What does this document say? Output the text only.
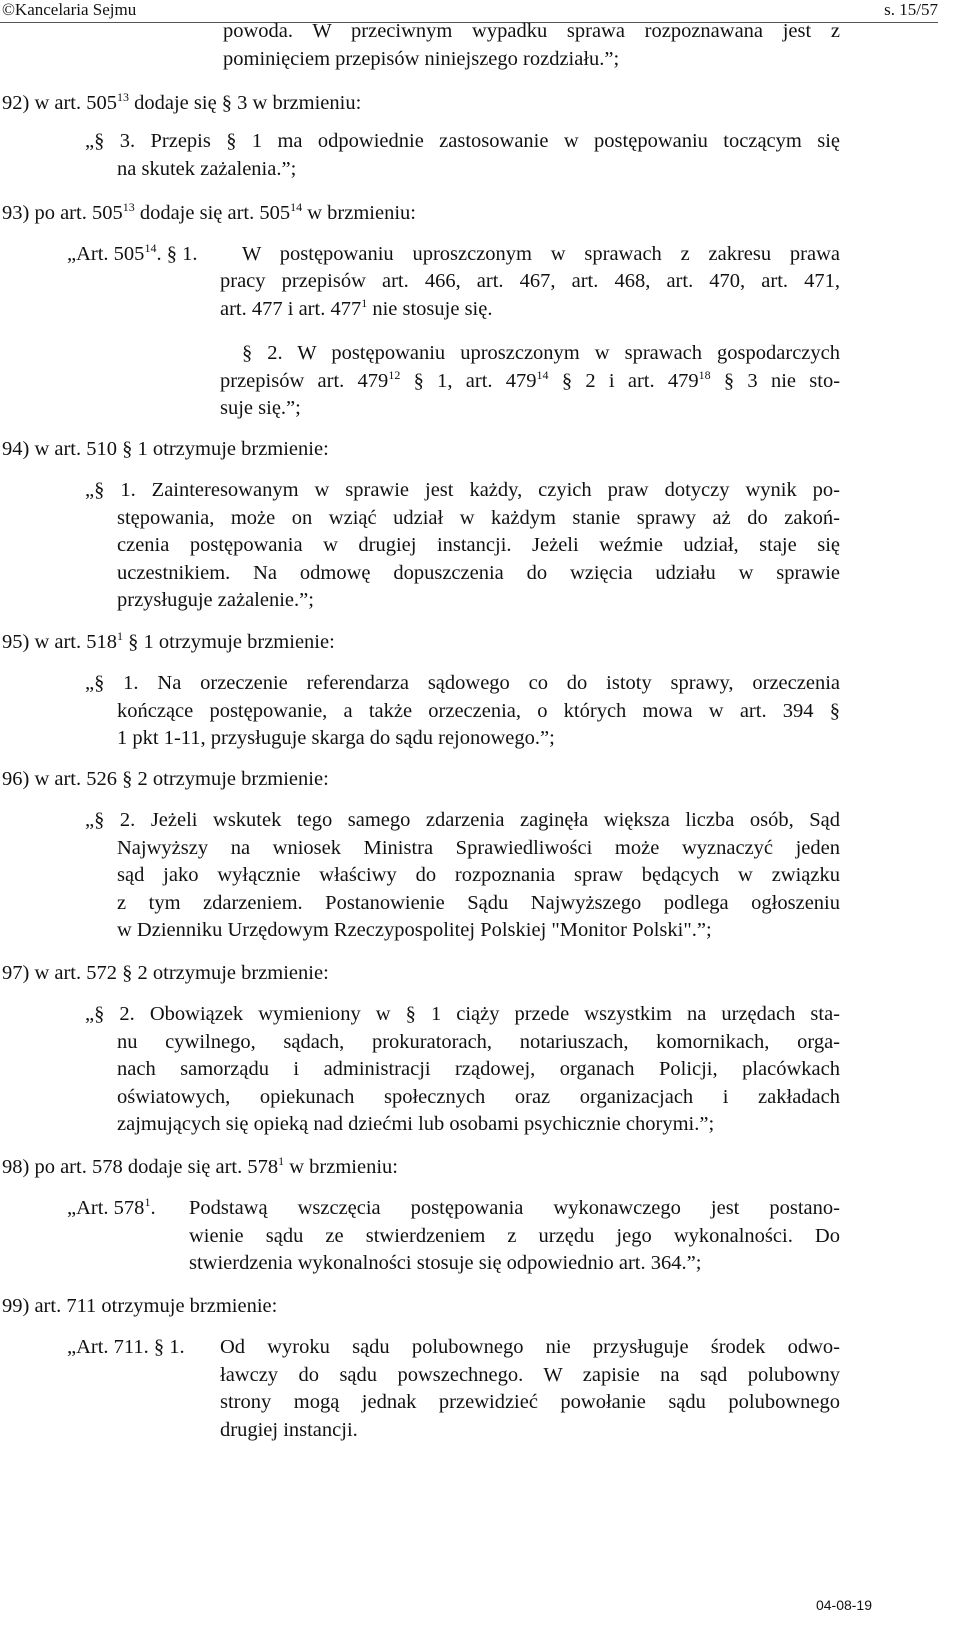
©Kancelaria Sejmu	s. 15/57
powoda. W przeciwnym wypadku sprawa rozpoznawana jest z
pominięciem przepisów niniejszego rozdziału.”;
92) w art. $505^{13}$ dodaje się § 3 w brzmieniu:
„§ 3. Przepis § 1 ma odpowiednie zastosowanie w postępowaniu toczącym się
na skutek zażalenia.”;
93) po art. $505^{13}$ dodaje się art. $505^{14}$ w brzmieniu:
„Art. $505^{14}$. § 1. W postępowaniu uproszczonym w sprawach z zakresu prawa
pracy przepisów art. 466, art. 467, art. 468, art. 470, art. 471,
art. 477 i art. $477^1$ nie stosuje się.
§ 2. W postępowaniu uproszczonym w sprawach gospodarczych
przepisów art. $479^{12}$ § 1, art. $479^{14}$ § 2 i art. $479^{18}$ § 3 nie sto-
suje się.”;
94) w art. 510 § 1 otrzymuje brzmienie:
„§ 1. Zainteresowanym w sprawie jest każdy, czyich praw dotyczy wynik po-
stępowania, może on wziąć udział w każdym stanie sprawy aż do zakoń-
czenia postępowania w drugiej instancji. Jeżeli weźmie udział, staje się
uczestnikiem. Na odmowę dopuszczenia do wzięcia udziału w sprawie
przysługuje zażalenie.”;
95) w art. $518^1$ § 1 otrzymuje brzmienie:
„§ 1. Na orzeczenie referendarza sądowego co do istoty sprawy, orzeczenia
kończące postępowanie, a także orzeczenia, o których mowa w art. 394 §
1 pkt 1-11, przysługuje skarga do sądu rejonowego.”;
96) w art. 526 § 2 otrzymuje brzmienie:
„§ 2. Jeżeli wskutek tego samego zdarzenia zaginęła większa liczba osób, Sąd
Najwyższy na wniosek Ministra Sprawiedliwości może wyznaczyć jeden
sąd jako wyłącznie właściwy do rozpoznania spraw będących w związku
z tym zdarzeniem. Postanowienie Sądu Najwyższego podlega ogłoszeniu
w Dzienniku Urzędowym Rzeczypospolitej Polskiej "Monitor Polski".”;
97) w art. 572 § 2 otrzymuje brzmienie:
„§ 2. Obowiązek wymieniony w § 1 ciąży przede wszystkim na urzędach sta-
nu cywilnego, sądach, prokuratorach, notariuszach, komornikach, orga-
nach samorządu i administracji rządowej, organach Policji, placówkach
oświatowych, opiekunach społecznych oraz organizacjach i zakładach
zajmujących się opieką nad dziećmi lub osobami psychicznie chorymi.”;
98) po art. 578 dodaje się art. $578^1$ w brzmieniu:
„Art. $578^1$. Podstawą wszczęcia postępowania wykonawczego jest postano-
wienie sądu ze stwierdzeniem z urzędu jego wykonalności. Do
stwierdzenia wykonalności stosuje się odpowiednio art. 364.”;
99) art. 711 otrzymuje brzmienie:
„Art. 711. § 1. Od wyroku sądu polubownego nie przysługuje środek odwo-
ławczy do sądu powszechnego. W zapisie na sąd polubowny
strony mogą jednak przewidzieć powołanie sądu polubownego
drugiej instancji.
04-08-19
